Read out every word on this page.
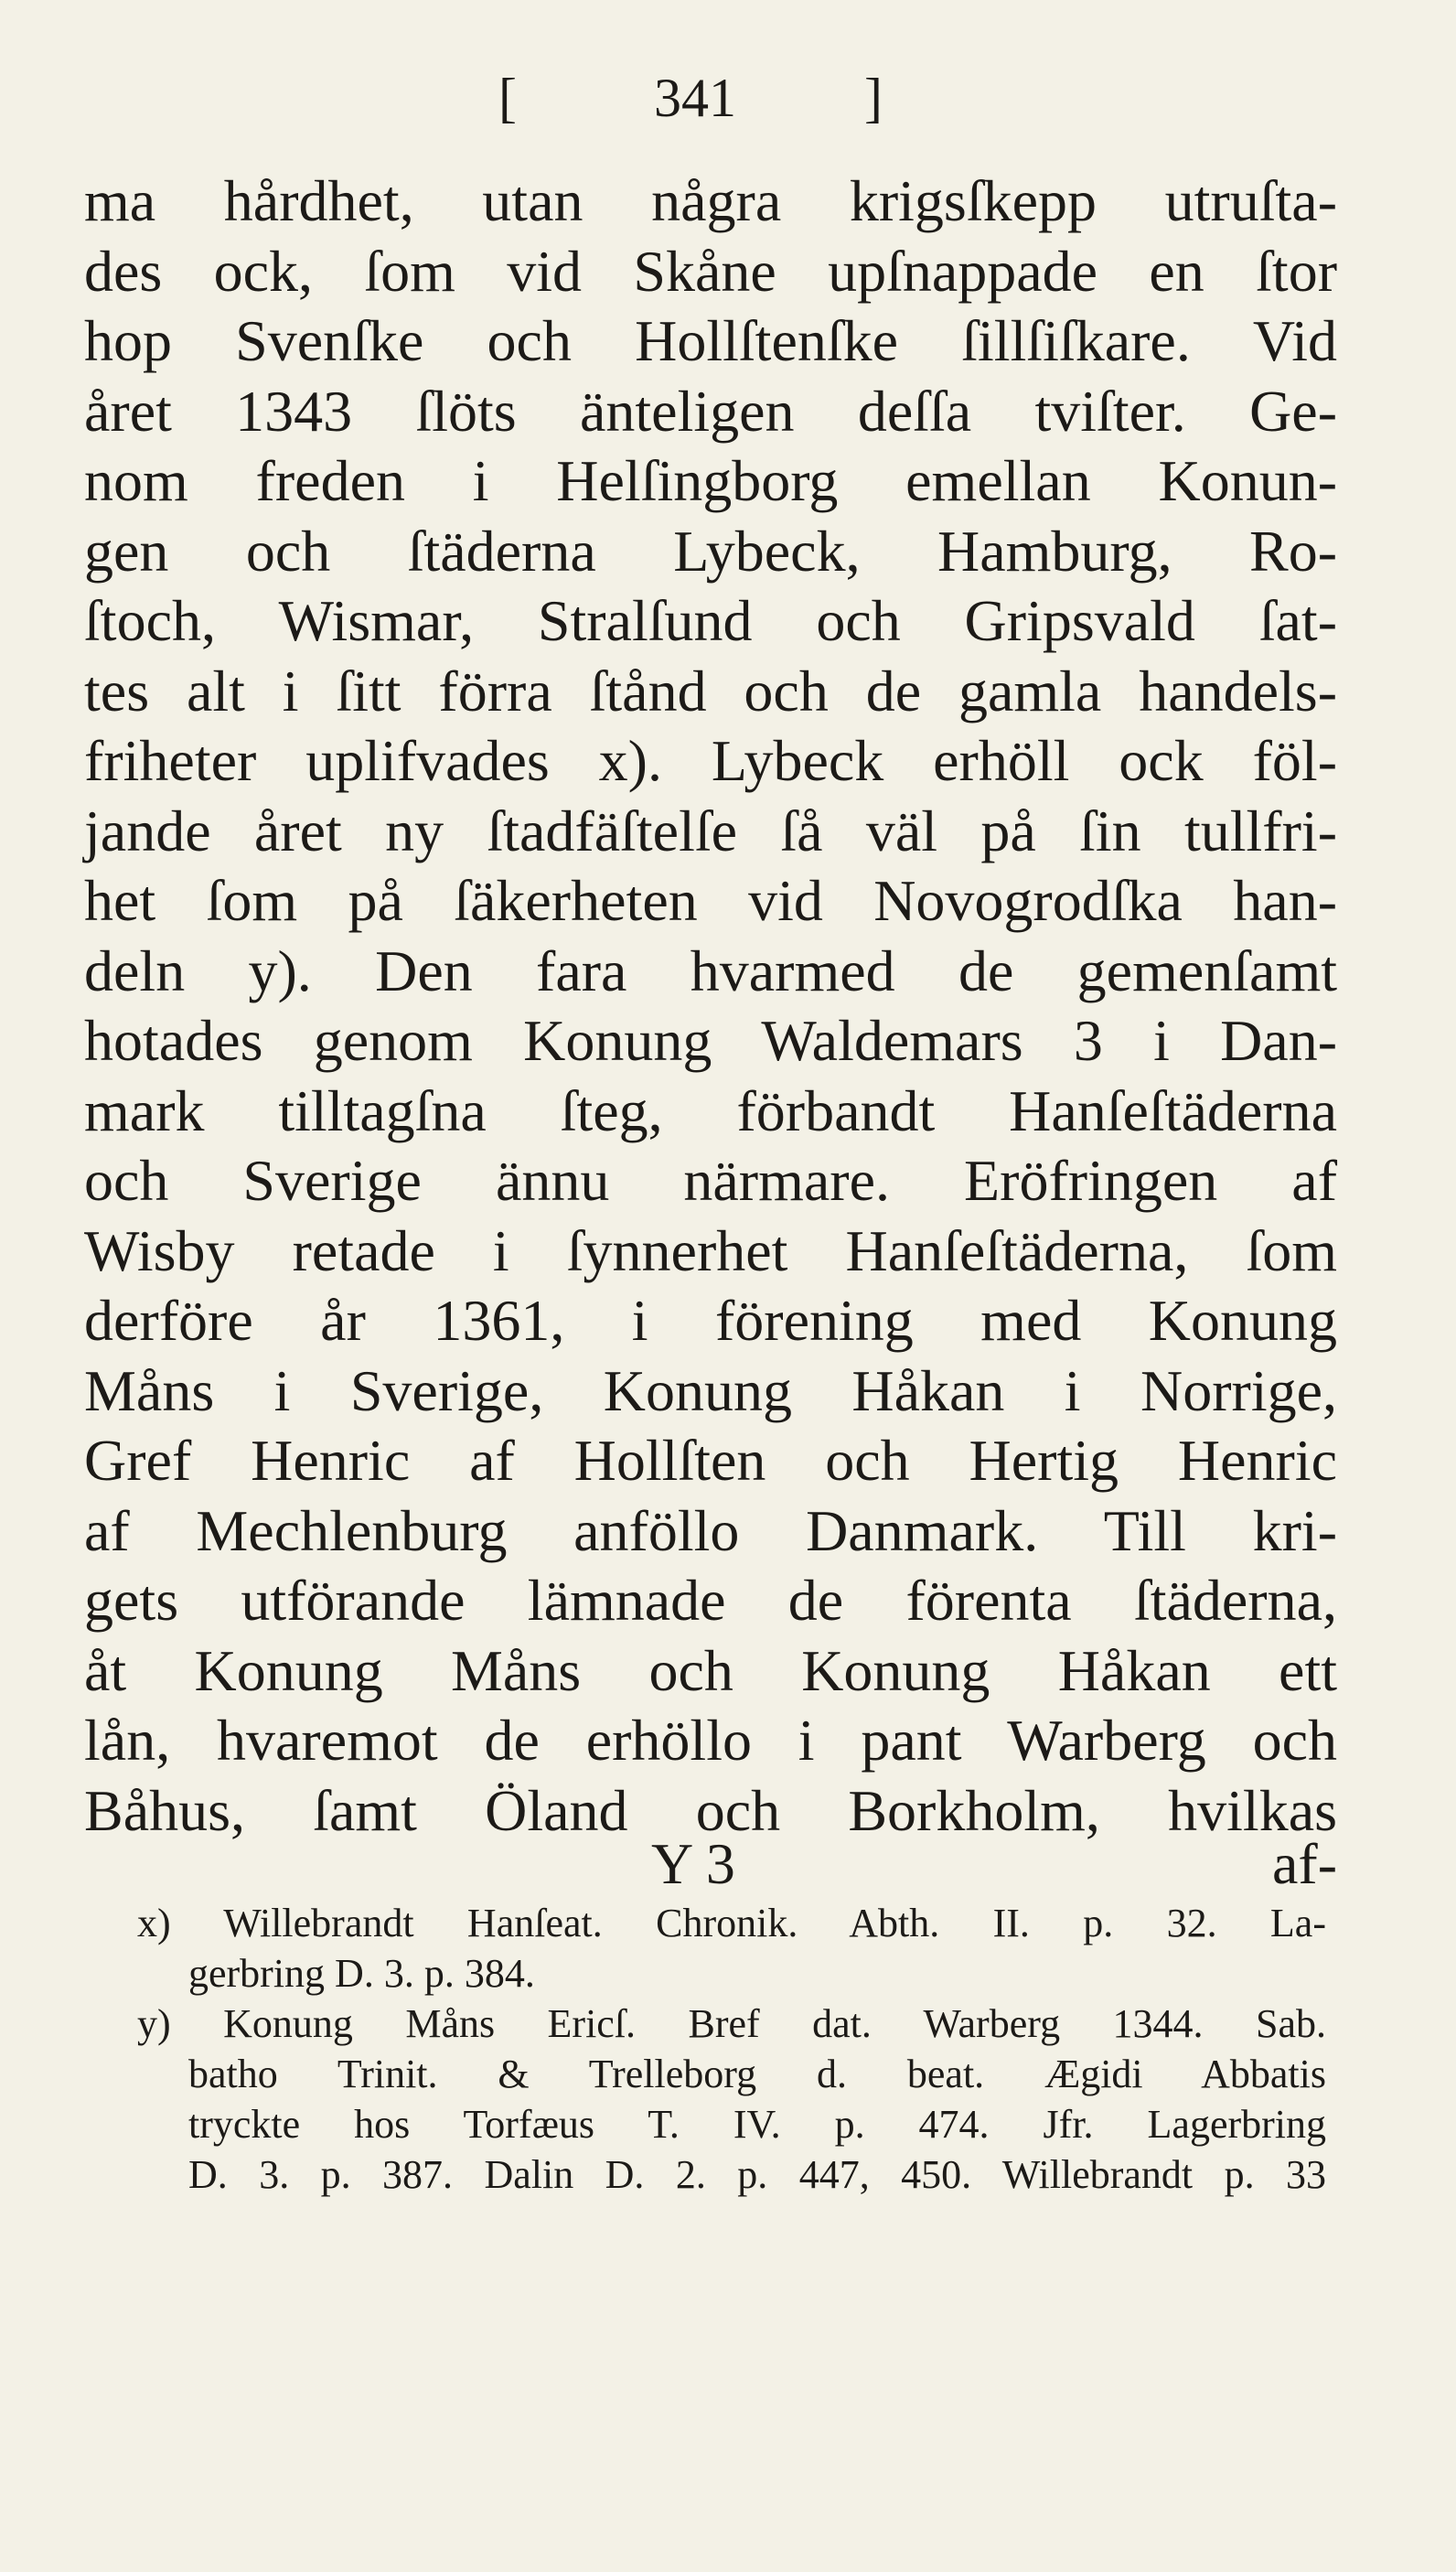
[	341 ]
ma hårdhet, utan några krigsſkepp utruſta-
des ock, ſom vid Skåne upſnappade en ſtor
hop Svenſke och Hollſtenſke ſillſiſkare. Vid
året 1343 ſlöts änteligen deſſa tviſter. Ge-
nom freden i Helſingborg emellan Konun-
gen och ſtäderna Lybeck, Hamburg, Ro-
ſtoch, Wismar, Stralſund och Gripsvald ſat-
tes alt i ſitt förra ſtånd och de gamla handels-
friheter uplifvades x). Lybeck erhöll ock föl-
jande året ny ſtadfäſtelſe ſå väl på ſin tullfri-
het ſom på ſäkerheten vid Novogrodſka han-
deln y). Den fara hvarmed de gemenſamt
hotades genom Konung Waldemars 3 i Dan-
mark tilltagſna ſteg, förbandt Hanſeſtäderna
och Sverige ännu närmare. Eröfringen af
Wisby retade i ſynnerhet Hanſeſtäderna, ſom
derföre år 1361, i förening med Konung
Måns i Sverige, Konung Håkan i Norrige,
Gref Henric af Hollſten och Hertig Henric
af Mechlenburg anföllo Danmark. Till kri-
gets utförande lämnade de förenta ſtäderna,
åt Konung Måns och Konung Håkan ett
lån, hvaremot de erhöllo i pant Warberg och
Båhus, ſamt Öland och Borkholm, hvilkas
Y 3	af-
x) Willebrandt Hanſeat. Chronik. Abth. II. p. 32. La-
gerbring D. 3. p. 384.
y) Konung Måns Ericſ. Bref dat. Warberg 1344. Sab.
batho Trinit. & Trelleborg d. beat. Ægidi Abbatis
tryckte hos Torfæus T. IV. p. 474. Jfr. Lagerbring
D. 3. p. 387. Dalin D. 2. p. 447, 450. Willebrandt p. 33
